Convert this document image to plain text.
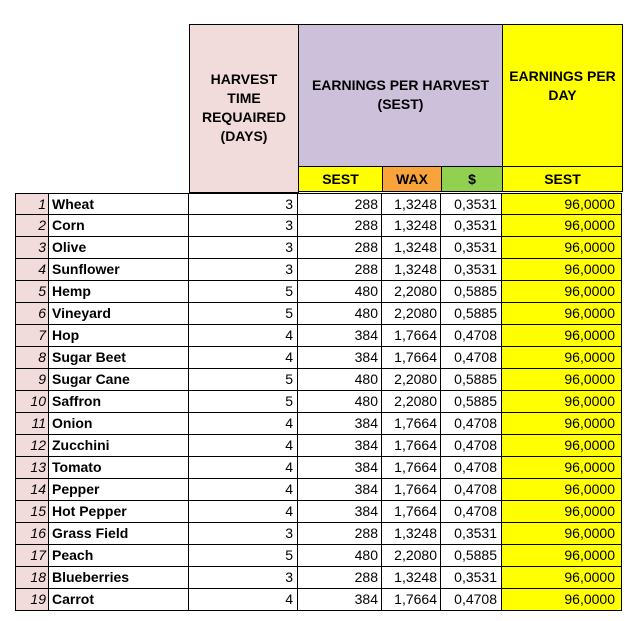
HARVEST
TIME
REQUAIRED
(DAYS)
EARNINGS PER HARVEST
(SEST)
EARNINGS PER
DAY
SEST	WAX	$	SEST
1 Wheat	3	288	1,3248	0,3531	96,0000
2 Corn	3	288	1,3248	0,3531	96,0000
3 Olive	3	288	1,3248	0,3531	96,0000
4 Sunflower	3	288	1,3248	0,3531	96,0000
5 Hemp	5	480	2,2080	0,5885	96,0000
6 Vineyard	5	480	2,2080	0,5885	96,0000
7 Hop	4	384	1,7664	0,4708	96,0000
8 Sugar Beet	4	384	1,7664	0,4708	96,0000
9 Sugar Cane	5	480	2,2080	0,5885	96,0000
10 Saffron	5	480	2,2080	0,5885	96,0000
11 Onion	4	384	1,7664	0,4708	96,0000
12 Zucchini	4	384	1,7664	0,4708	96,0000
13 Tomato	4	384	1,7664	0,4708	96,0000
14 Pepper	4	384	1,7664	0,4708	96,0000
15 Hot Pepper	4	384	1,7664	0,4708	96,0000
16 Grass Field	3	288	1,3248	0,3531	96,0000
17 Peach	5	480	2,2080	0,5885	96,0000
18 Blueberries	3	288	1,3248	0,3531	96,0000
19 Carrot	4	384	1,7664	0,4708	96,0000
